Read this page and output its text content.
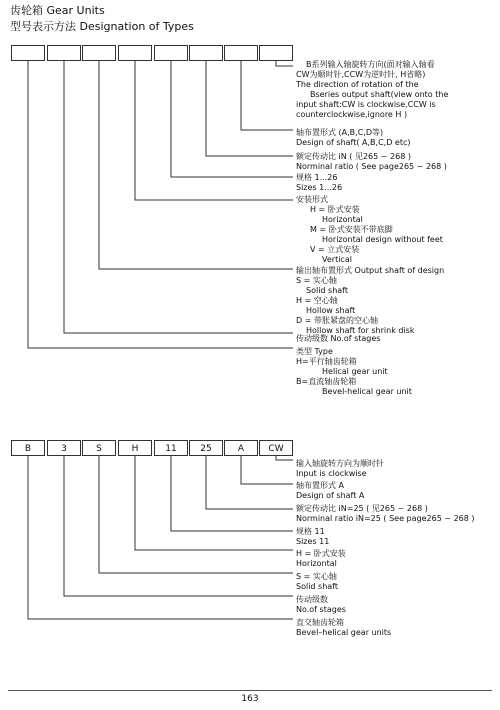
齿轮箱 Gear Units
型号表示方法 Designation of Types
B系列输入轴旋转方向(面对输入轴看
CW为顺时针,CCW为逆时针, H省略)
The direction of rotation of the
Bseries output shaft(view onto the
input shaft:CW is clockwise,CCW is
counterclockwise,ignore H )
轴布置形式 (A,B,C,D等)
Design of shaft( A,B,C,D etc)
额定传动比 iN ( 见265 ~ 268 )
Norminal ratio ( See page265 ~ 268 )
规格 1...26
Sizes 1...26
安装形式
H = 卧式安装
Horizontal
M = 卧式安装不带底脚
Horizontal design without feet
V = 立式安装
Vertical
输出轴布置形式 Output shaft of design
S = 实心轴
Solid shaft
H = 空心轴
Hollow shaft
D = 带胀紧盘的空心轴
Hollow shaft for shrink disk
传动级数 No.of stages
类型 Type
H=平行轴齿轮箱
Helical gear unit
B=直流轴齿轮箱
Bevel-helical gear unit
B	3	S	H	11	25	A	CW
输入轴旋转方向为顺时针
Input is clockwise
轴布置形式 A
Design of shaft A
额定传动比 iN=25 ( 见265 ~ 268 )
Norminal ratio iN=25 ( See page265 ~ 268 )
规格 11
Sizes 11
H = 卧式安装
Horizontal
S = 实心轴
Solid shaft
传动级数
No.of stages
直交轴齿轮箱
Bevel–helical gear units
163
